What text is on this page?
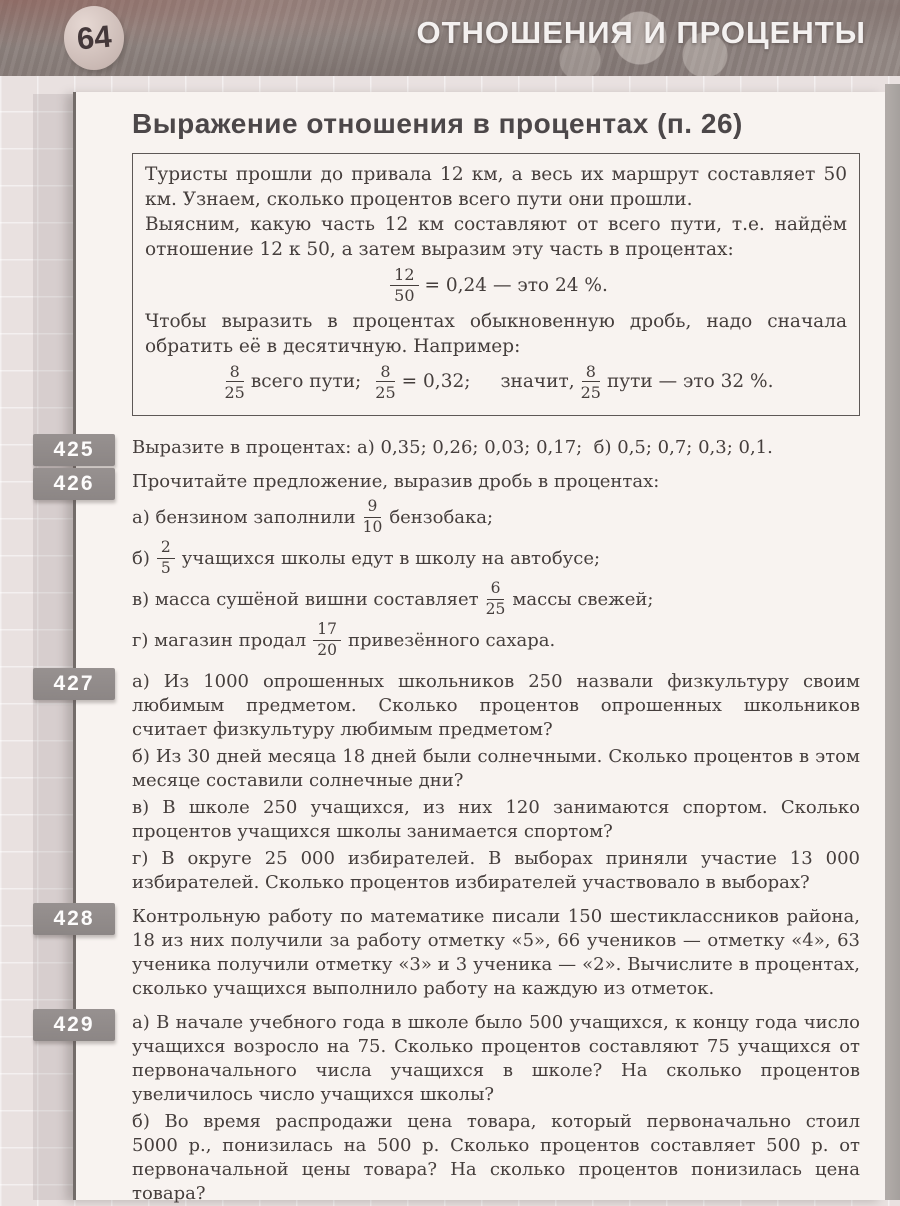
64	ОТНОШЕНИЯ И ПРОЦЕНТЫ
Выражение отношения в процентах (п. 26)

Туристы прошли до привала 12 км, а весь их маршрут составляет 50 км. Узнаем, сколько процентов всего пути они прошли.

Выясним, какую часть 12 км составляют от всего пути, т.е. найдём отношение 12 к 50, а затем выразим эту часть в процентах:

$\frac{12}{50} = 0,24$ — это 24 %.

Чтобы выразить в процентах обыкновенную дробь, надо сначала обратить её в десятичную. Например:

$\frac{8}{25}$ всего пути; $\frac{8}{25} = 0,32$; значит, $\frac{8}{25}$ пути — это 32 %.
425	Выразите в процентах: а) 0,35; 0,26; 0,03; 0,17;  б) 0,5; 0,7; 0,3; 0,1.

426	Прочитайте предложение, выразив дробь в процентах:

а) бензином заполнили $\frac{9}{10}$ бензобака;
$б) \frac{2}{5}$ учащихся школы едут в школу на автобусе;
в) масса сушёной вишни составляет $\frac{6}{25}$ массы свежей;
г) магазин продал $\frac{17}{20}$ привезённого сахара.
427	а) Из 1000 опрошенных школьников 250 назвали физкультуру своим любимым предметом. Сколько процентов опрошенных школьников считает физкультуру любимым предметом?

б) Из 30 дней месяца 18 дней были солнечными. Сколько процентов в этом месяце составили солнечные дни?

в) В школе 250 учащихся, из них 120 занимаются спортом. Сколько процентов учащихся школы занимается спортом?

г) В округе 25 000 избирателей. В выборах приняли участие 13 000 избирателей. Сколько процентов избирателей участвовало в выборах?

428	Контрольную работу по математике писали 150 шестиклассников района, 18 из них получили за работу отметку «5», 66 учеников — отметку «4», 63 ученика получили отметку «3» и 3 ученика — «2». Вычислите в процентах, сколько учащихся выполнило работу на каждую из отметок.

429	а) В начале учебного года в школе было 500 учащихся, к концу года число учащихся возросло на 75. Сколько процентов составляют 75 учащихся от первоначального числа учащихся в школе? На сколько процентов увеличилось число учащихся школы?

б) Во время распродажи цена товара, который первоначально стоил 5000 р., понизилась на 500 р. Сколько процентов составляет 500 р. от первоначальной цены товара? На сколько процентов понизилась цена товара?
